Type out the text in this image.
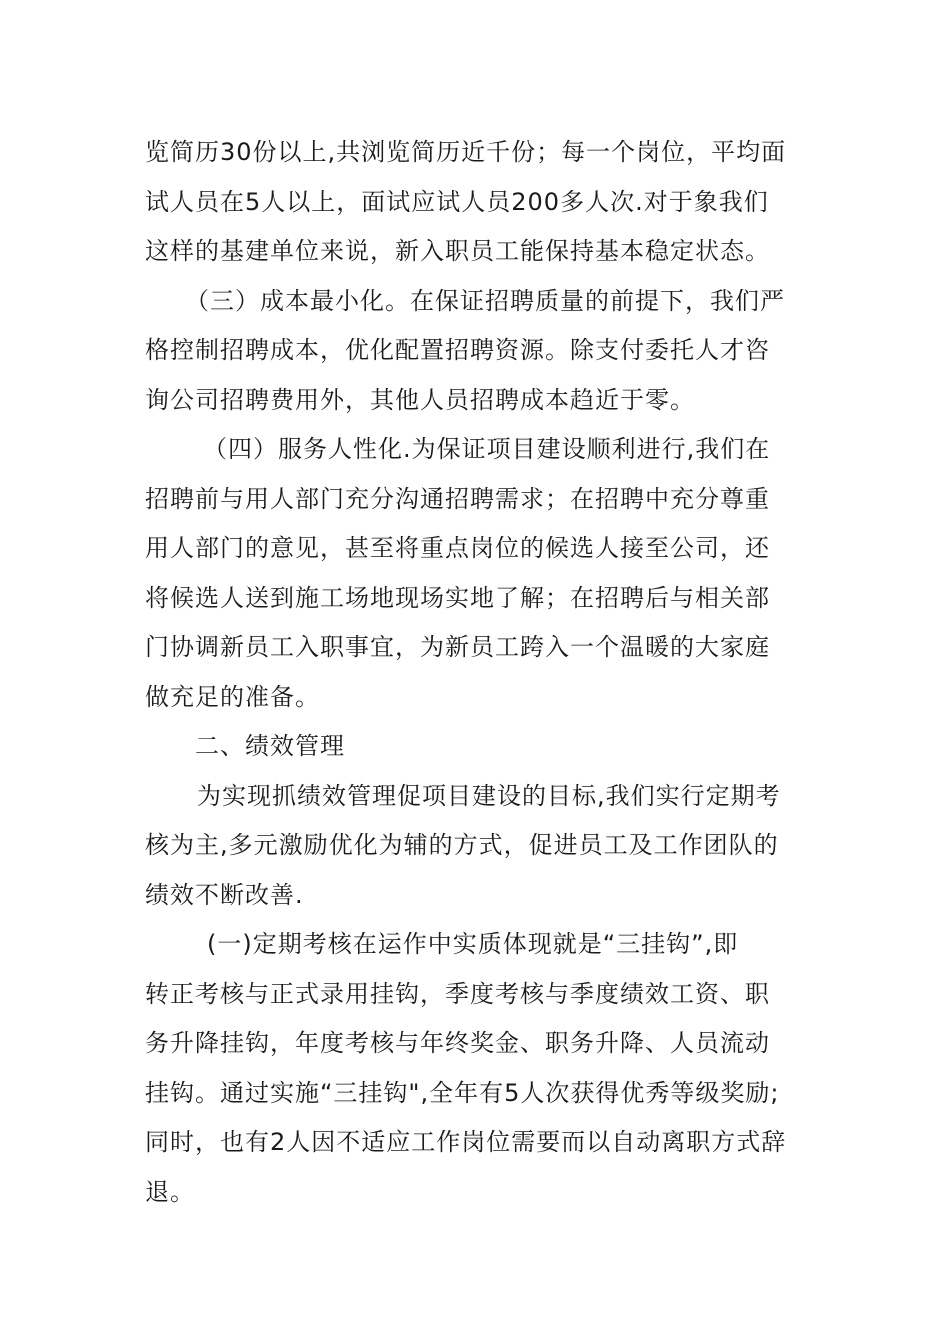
览简历30份以上,共浏览简历近千份；每一个岗位，平均面
试人员在5人以上，面试应试人员200多人次.对于象我们
这样的基建单位来说，新入职员工能保持基本稳定状态。
（三）成本最小化。在保证招聘质量的前提下，我们严
格控制招聘成本，优化配置招聘资源。除支付委托人才咨
询公司招聘费用外，其他人员招聘成本趋近于零。
（四）服务人性化.为保证项目建设顺利进行,我们在
招聘前与用人部门充分沟通招聘需求；在招聘中充分尊重
用人部门的意见，甚至将重点岗位的候选人接至公司，还
将候选人送到施工场地现场实地了解；在招聘后与相关部
门协调新员工入职事宜，为新员工跨入一个温暖的大家庭
做充足的准备。
二、绩效管理
为实现抓绩效管理促项目建设的目标,我们实行定期考
核为主,多元激励优化为辅的方式，促进员工及工作团队的
绩效不断改善.
(一)定期考核在运作中实质体现就是“三挂钩”,即
转正考核与正式录用挂钩，季度考核与季度绩效工资、职
务升降挂钩，年度考核与年终奖金、职务升降、人员流动
挂钩。通过实施“三挂钩",全年有5人次获得优秀等级奖励;
同时，也有2人因不适应工作岗位需要而以自动离职方式辞
退。
